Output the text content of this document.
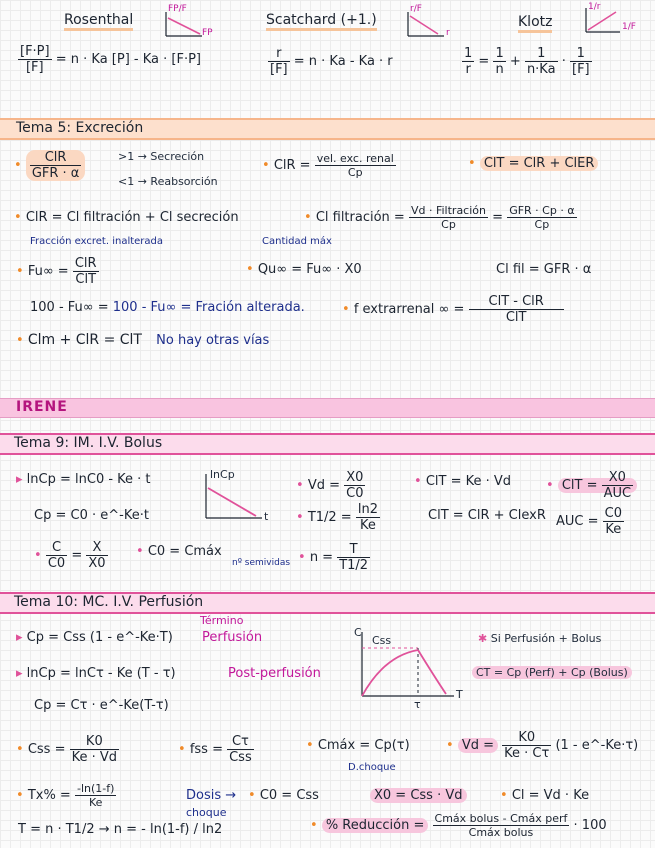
Rosenthal
FP/F
FP
$\frac{[F\cdot P]}{[F]} = n \cdot Ka$ [P] - Ka · [F·P]
Scatchard (+1.)
r/F
r
$\frac{r}{[F]} = n \cdot Ka - Ka \cdot r$
Klotz
1/r
1/F
$\frac{1}{r} = \frac{1}{n} + \frac{1}{n\cdot Ka} \cdot \frac{1}{[F]}$
Tema 5: Excreción
• $\frac{\text{ClR}}{\text{GFR · α}}$	>1 → Secreción
<1 → Reabsorción
• ClR = $\frac{\text{vel. exc. renal}}{Cp}$	• ClT = ClR + ClER
• ClR = Cl filtración + Cl secreción	• Cl filtración = $\frac{\text{Vd · Filtración}}{Cp} = \frac{\text{GFR · Cp · α}}{Cp}$
Fracción excret. inalterada	Cantidad máx
• $Fu\infty = \frac{\text{ClR}}{\text{ClT}}$	• Qu∞ = Fu∞ · X0	Cl fil = GFR · α
100 - Fu∞ = 100 - Fu∞ = Fración alterada.	• f extrarrenal ∞ = $\frac{\text{ClT - ClR}}{\text{ClT}}$
• Clm + ClR = ClT No hay otras vías
IRENE
Tema 9: IM. I.V. Bolus
▸ lnCp = lnC0 - Ke · t
Cp = C0 · e^-Ke·t
lnCp
t
• $Vd = \frac{X0}{C0}$	• ClT = Ke · Vd
ClT = ClR + ClexR
• ClT = $\frac{X0}{\text{AUC}}$
• $T1/2 = \frac{\ln 2}{Ke}$	AUC = $\frac{C0}{Ke}$
• $\frac{C}{C0} = \frac{X}{X0}$ • C0 = Cmáx	• $n = \frac{T}{T1/2}$
nº semividas
Tema 10: MC. I.V. Perfusión
Término
▸ Cp = Css (1 - e^-Ke·T) Perfusión
▸ lnCp = lnCτ - Ke (T - τ)	Post-perfusión
Cp = Cτ · e^-Ke(T-τ)
C
Css
T
τ
✱ Si Perfusión + Bolus
CT = Cp (Perf) + Cp (Bolus)
• Css = $\frac{K0}{Ke \cdot Vd}$	• fss = $\frac{C\tau}{\text{Css}}$	• Cmáx = Cp(τ)	• $Vd = \frac{K0}{Ke \cdot C\tau} (1$ - e^-Ke·τ)
D.choque
• $Tx\% = \frac{-\ln(1-f)}{Ke}$	Dosis →
choque
• C0 = Css	X0 = Css · Vd	• Cl = Vd · Ke
T = n · T1/2 → n = - ln(1-f) / ln2	• % Reducción = $\frac{\text{Cmáx bolus - Cmáx perf}}{\text{Cmáx bolus}} \cdot 100$
